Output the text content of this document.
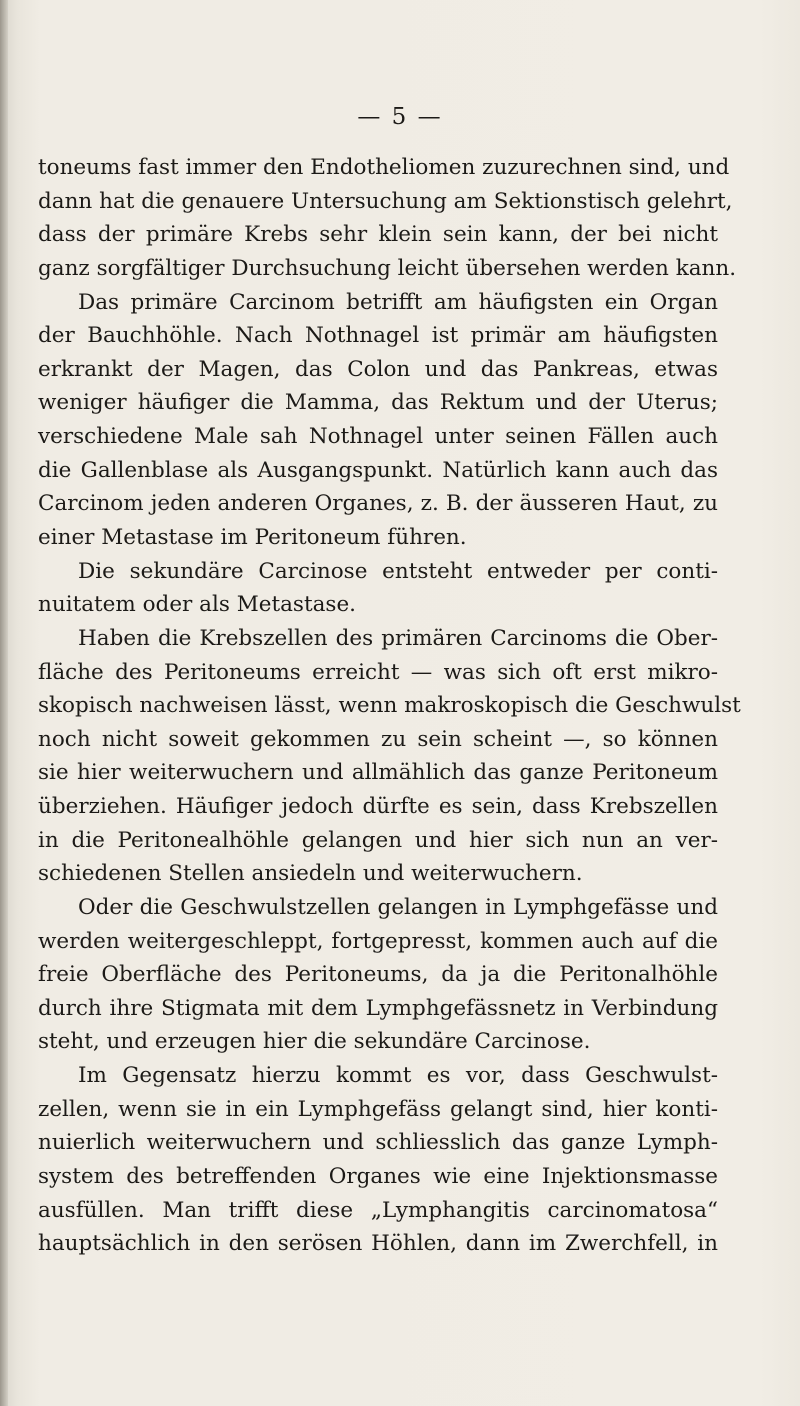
— 5 —
toneums fast immer den Endotheliomen zuzurechnen sind, und
dann hat die genauere Untersuchung am Sektionstisch gelehrt,
dass der primäre Krebs sehr klein sein kann, der bei nicht
ganz sorgfältiger Durchsuchung leicht übersehen werden kann.
Das primäre Carcinom betrifft am häufigsten ein Organ
der Bauchhöhle. Nach Nothnagel ist primär am häufigsten
erkrankt der Magen, das Colon und das Pankreas, etwas
weniger häufiger die Mamma, das Rektum und der Uterus;
verschiedene Male sah Nothnagel unter seinen Fällen auch
die Gallenblase als Ausgangspunkt. Natürlich kann auch das
Carcinom jeden anderen Organes, z. B. der äusseren Haut, zu
einer Metastase im Peritoneum führen.
Die sekundäre Carcinose entsteht entweder per conti-
nuitatem oder als Metastase.
Haben die Krebszellen des primären Carcinoms die Ober-
fläche des Peritoneums erreicht — was sich oft erst mikro-
skopisch nachweisen lässt, wenn makroskopisch die Geschwulst
noch nicht soweit gekommen zu sein scheint —, so können
sie hier weiterwuchern und allmählich das ganze Peritoneum
überziehen. Häufiger jedoch dürfte es sein, dass Krebszellen
in die Peritonealhöhle gelangen und hier sich nun an ver-
schiedenen Stellen ansiedeln und weiterwuchern.
Oder die Geschwulstzellen gelangen in Lymphgefässe und
werden weitergeschleppt, fortgepresst, kommen auch auf die
freie Oberfläche des Peritoneums, da ja die Peritonalhöhle
durch ihre Stigmata mit dem Lymphgefässnetz in Verbindung
steht, und erzeugen hier die sekundäre Carcinose.
Im Gegensatz hierzu kommt es vor, dass Geschwulst-
zellen, wenn sie in ein Lymphgefäss gelangt sind, hier konti-
nuierlich weiterwuchern und schliesslich das ganze Lymph-
system des betreffenden Organes wie eine Injektionsmasse
ausfüllen. Man trifft diese „Lymphangitis carcinomatosa“
hauptsächlich in den serösen Höhlen, dann im Zwerchfell, in
